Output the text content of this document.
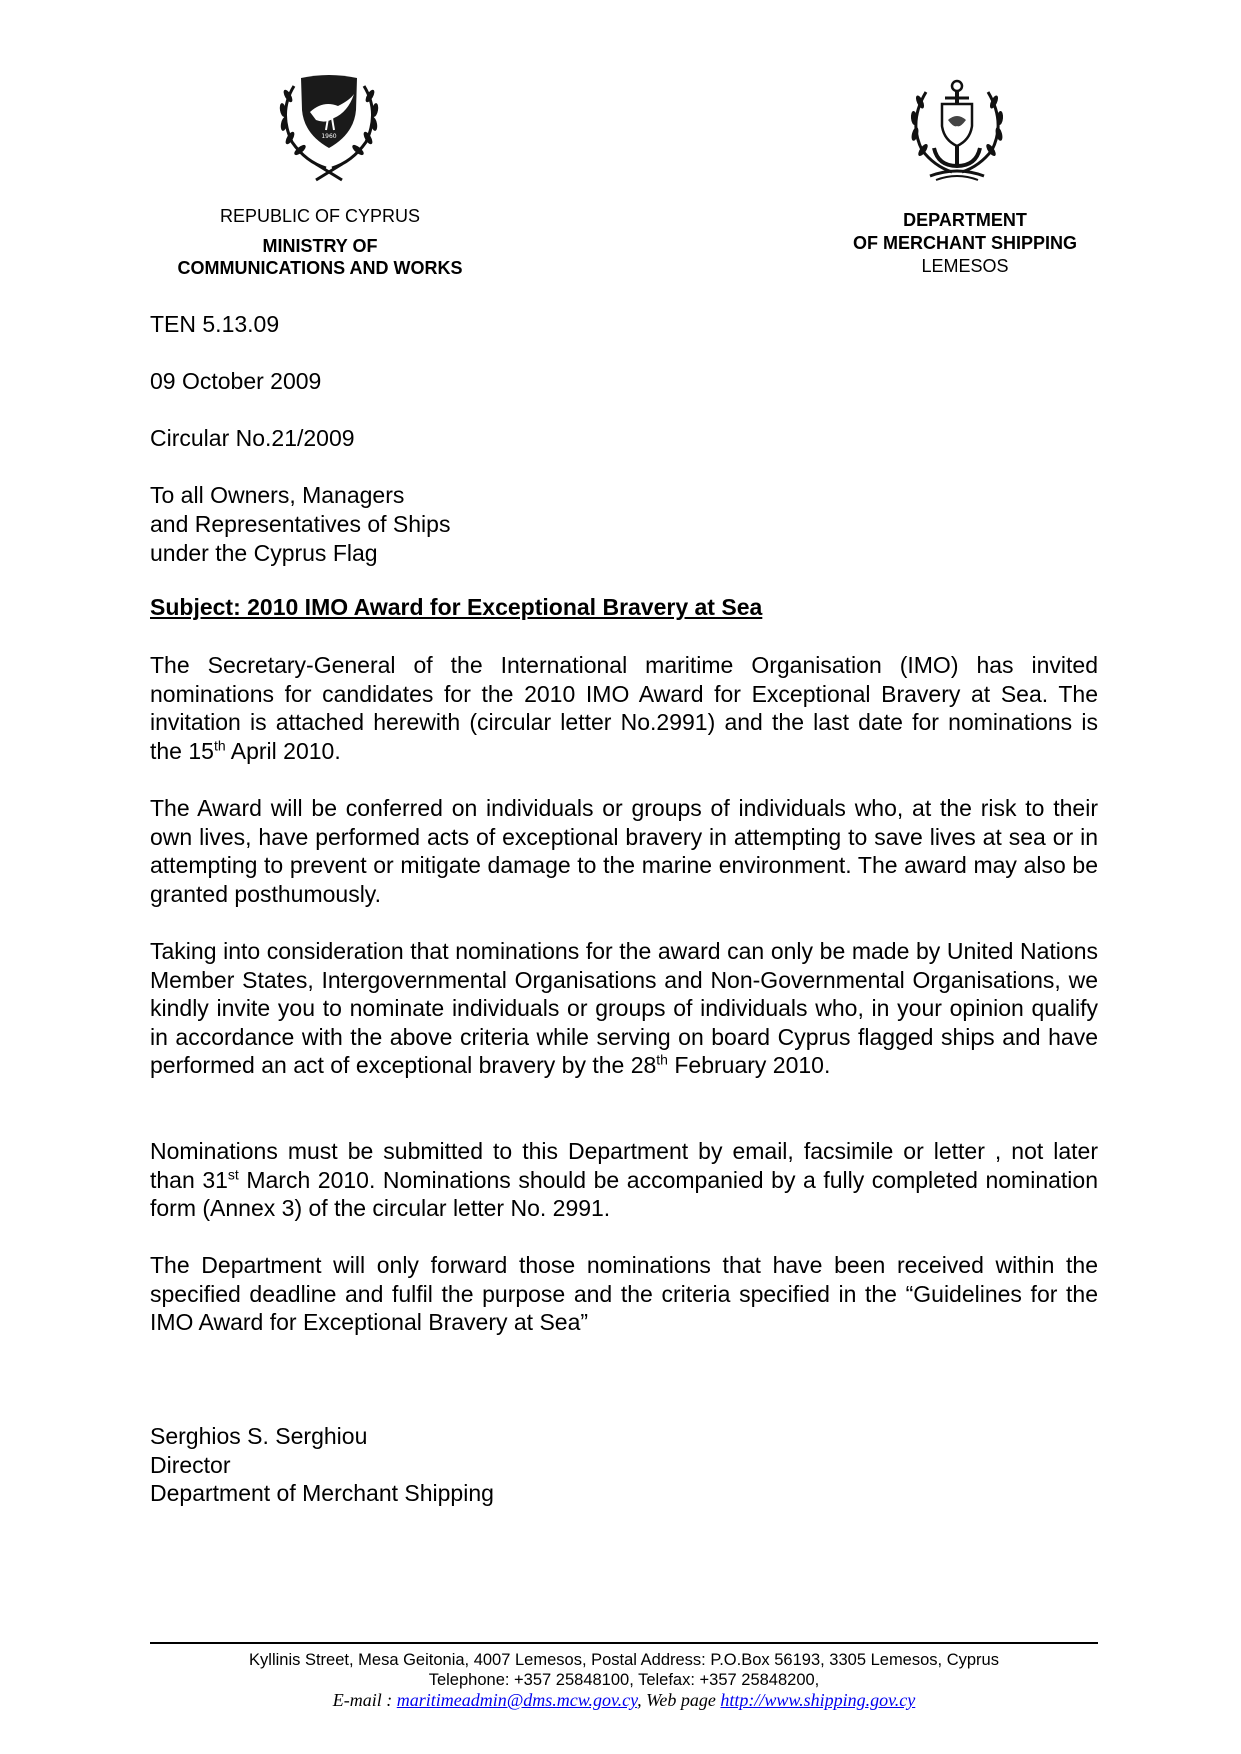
1960
REPUBLIC OF CYPRUS
MINISTRY OF
COMMUNICATIONS AND WORKS
DEPARTMENT
OF MERCHANT SHIPPING
LEMESOS
TEN 5.13.09
09 October 2009
Circular No.21/2009
To all Owners, Managers
and Representatives of Ships
under the Cyprus Flag
Subject: 2010 IMO Award for Exceptional Bravery at Sea
The Secretary-General of the International maritime Organisation (IMO) has invited nominations for candidates for the 2010 IMO Award for Exceptional Bravery at Sea. The invitation is attached herewith (circular letter No.2991) and the last date for nominations is the 15th April 2010.
The Award will be conferred on individuals or groups of individuals who, at the risk to their own lives, have performed acts of exceptional bravery in attempting to save lives at sea or in attempting to prevent or mitigate damage to the marine environment. The award may also be granted posthumously.
Taking into consideration that nominations for the award can only be made by United Nations Member States, Intergovernmental Organisations and Non-Governmental Organisations, we kindly invite you to nominate individuals or groups of individuals who, in your opinion qualify in accordance with the above criteria while serving on board Cyprus flagged ships and have performed an act of exceptional bravery by the 28th February 2010.
Nominations must be submitted to this Department by email, facsimile or letter , not later than 31st March 2010. Nominations should be accompanied by a fully completed nomination form (Annex 3) of the circular letter No. 2991.
The Department will only forward those nominations that have been received within the specified deadline and fulfil the purpose and the criteria specified in the “Guidelines for the IMO Award for Exceptional Bravery at Sea”
Serghios S. Serghiou
Director
Department of Merchant Shipping
Kyllinis Street, Mesa Geitonia, 4007 Lemesos, Postal Address: P.O.Box 56193, 3305 Lemesos, Cyprus
Telephone: +357 25848100, Telefax: +357 25848200,
E-mail : maritimeadmin@dms.mcw.gov.cy, Web page http://www.shipping.gov.cy
